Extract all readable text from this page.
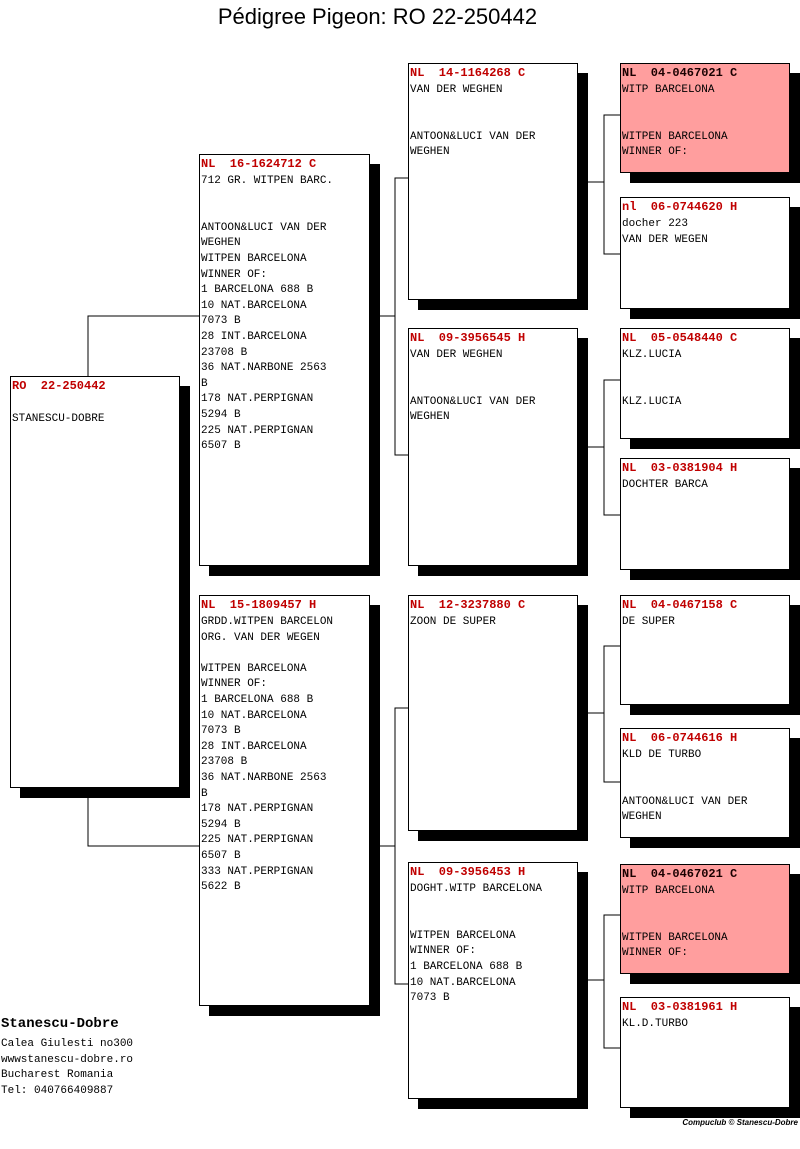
Pédigree Pigeon: RO 22-250442
RO  22-250442

STANESCU-DOBRE
NL  16-1624712 C
712 GR. WITPEN BARC.

ANTOON&LUCI VAN DER
WEGHEN
WITPEN BARCELONA
WINNER OF:
1 BARCELONA 688 B
10 NAT.BARCELONA
7073 B
28 INT.BARCELONA
23708 B
36 NAT.NARBONE 2563
B
178 NAT.PERPIGNAN
5294 B
225 NAT.PERPIGNAN
6507 B
NL  15-1809457 H
GRDD.WITPEN BARCELON
ORG. VAN DER WEGEN

WITPEN BARCELONA
WINNER OF:
1 BARCELONA 688 B
10 NAT.BARCELONA
7073 B
28 INT.BARCELONA
23708 B
36 NAT.NARBONE 2563
B
178 NAT.PERPIGNAN
5294 B
225 NAT.PERPIGNAN
6507 B
333 NAT.PERPIGNAN
5622 B
NL  14-1164268 C
VAN DER WEGHEN

ANTOON&LUCI VAN DER
WEGHEN
NL  09-3956545 H
VAN DER WEGHEN

ANTOON&LUCI VAN DER
WEGHEN
NL  12-3237880 C
ZOON DE SUPER
NL  09-3956453 H
DOGHT.WITP BARCELONA

WITPEN BARCELONA
WINNER OF:
1 BARCELONA 688 B
10 NAT.BARCELONA
7073 B
NL  04-0467021 C
WITP BARCELONA

WITPEN BARCELONA
WINNER OF:
nl  06-0744620 H
docher 223
VAN DER WEGEN
NL  05-0548440 C
KLZ.LUCIA

KLZ.LUCIA
NL  03-0381904 H
DOCHTER BARCA
NL  04-0467158 C
DE SUPER
NL  06-0744616 H
KLD DE TURBO

ANTOON&LUCI VAN DER
WEGHEN
NL  04-0467021 C
WITP BARCELONA

WITPEN BARCELONA
WINNER OF:
NL  03-0381961 H
KL.D.TURBO
Stanescu-Dobre
Calea Giulesti no300
wwwstanescu-dobre.ro
Bucharest Romania
Tel: 040766409887
Compuclub © Stanescu-Dobre
